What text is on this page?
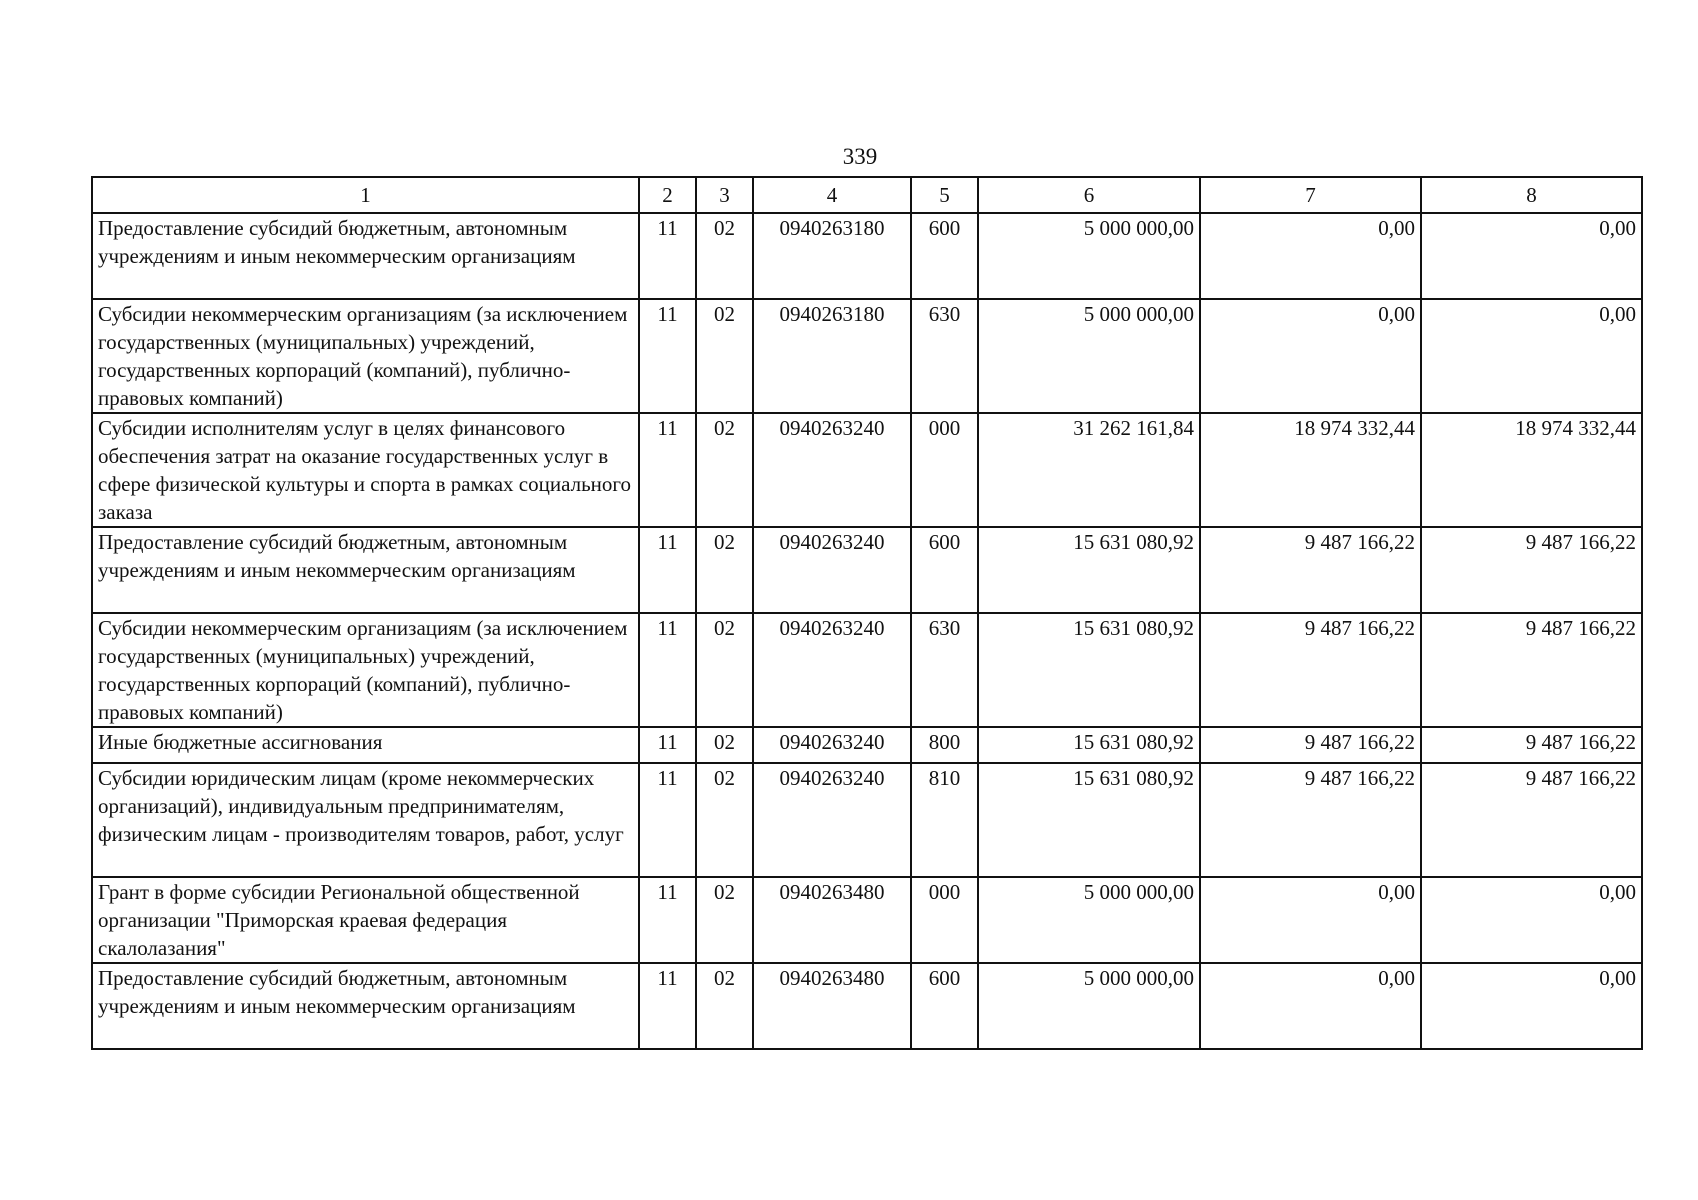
339
1	2	3	4	5	6	7	8
Предоставление субсидий бюджетным, автономным учреждениям и иным некоммерческим организациям	11	02	0940263180	600	5 000 000,00	0,00	0,00
Субсидии некоммерческим организациям (за исключением государственных (муниципальных) учреждений, государственных корпораций (компаний), публично-правовых компаний)	11	02	0940263180	630	5 000 000,00	0,00	0,00
Субсидии исполнителям услуг в целях финансового обеспечения затрат на оказание государственных услуг в сфере физической культуры и спорта в рамках социального заказа	11	02	0940263240	000	31 262 161,84	18 974 332,44	18 974 332,44
Предоставление субсидий бюджетным, автономным учреждениям и иным некоммерческим организациям	11	02	0940263240	600	15 631 080,92	9 487 166,22	9 487 166,22
Субсидии некоммерческим организациям (за исключением государственных (муниципальных) учреждений, государственных корпораций (компаний), публично-правовых компаний)	11	02	0940263240	630	15 631 080,92	9 487 166,22	9 487 166,22
Иные бюджетные ассигнования	11	02	0940263240	800	15 631 080,92	9 487 166,22	9 487 166,22
Субсидии юридическим лицам (кроме некоммерческих организаций), индивидуальным предпринимателям, физическим лицам - производителям товаров, работ, услуг	11	02	0940263240	810	15 631 080,92	9 487 166,22	9 487 166,22
Грант в форме субсидии Региональной общественной организации "Приморская краевая федерация скалолазания"	11	02	0940263480	000	5 000 000,00	0,00	0,00
Предоставление субсидий бюджетным, автономным учреждениям и иным некоммерческим организациям	11	02	0940263480	600	5 000 000,00	0,00	0,00
